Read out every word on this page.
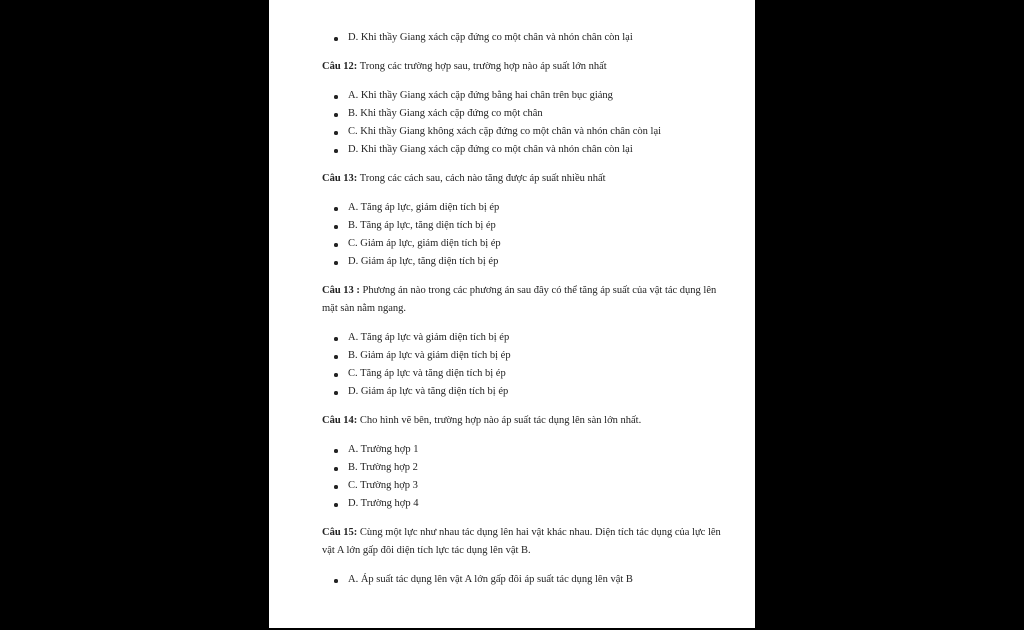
D. Khi thầy Giang xách cặp đứng co một chân và nhón chân còn lại

Câu 12: Trong các trường hợp sau, trường hợp nào áp suất lớn nhất

A. Khi thầy Giang xách cặp đứng bằng hai chân trên bục giảng
B. Khi thầy Giang xách cặp đứng co một chân
C. Khi thầy Giang không xách cặp đứng co một chân và nhón chân còn lại
D. Khi thầy Giang xách cặp đứng co một chân và nhón chân còn lại

Câu 13: Trong các cách sau, cách nào tăng được áp suất nhiều nhất

A. Tăng áp lực, giảm diện tích bị ép
B. Tăng áp lực, tăng diện tích bị ép
C. Giảm áp lực, giảm diện tích bị ép
D. Giảm áp lực, tăng diện tích bị ép

Câu 13 : Phương án nào trong các phương án sau đây có thể tăng áp suất của vật tác dụng lên mặt sàn nằm ngang.

A. Tăng áp lực và giảm diện tích bị ép
B. Giảm áp lực và giảm diện tích bị ép
C. Tăng áp lực và tăng diện tích bị ép
D. Giảm áp lực và tăng diện tích bị ép

Câu 14: Cho hình vẽ bên, trường hợp nào áp suất tác dụng lên sàn lớn nhất.

A. Trường hợp 1
B. Trường hợp 2
C. Trường hợp 3
D. Trường hợp 4

Câu 15: Cùng một lực như nhau tác dụng lên hai vật khác nhau. Diện tích tác dụng của lực lên vật A lớn gấp đôi diện tích lực tác dụng lên vật B.

A. Áp suất tác dụng lên vật A lớn gấp đôi áp suất tác dụng lên vật B
